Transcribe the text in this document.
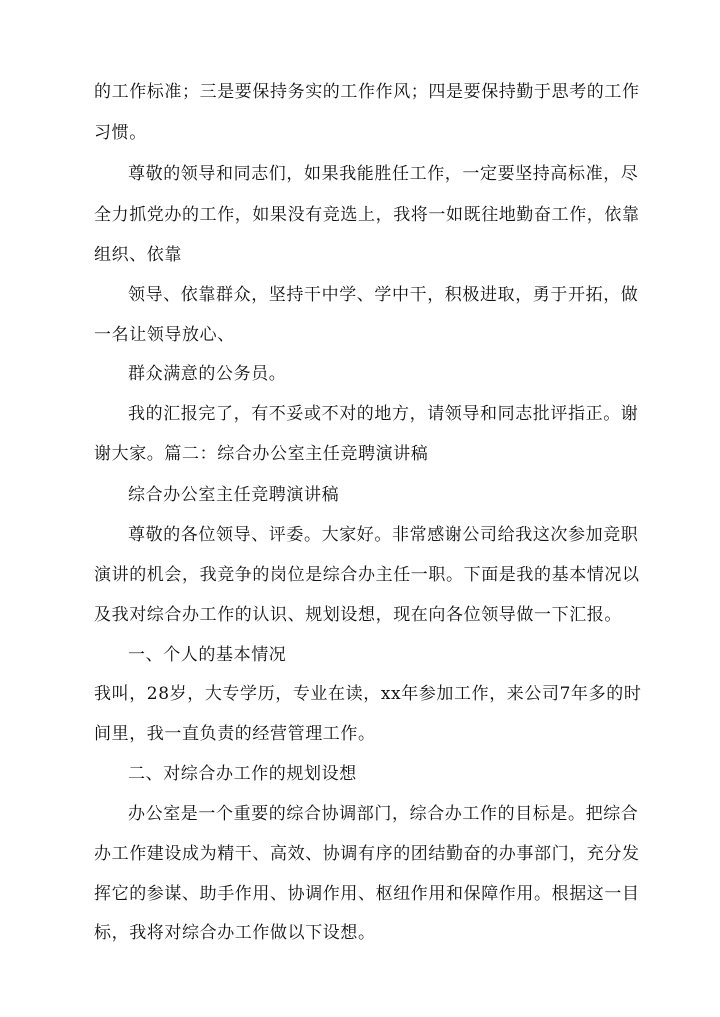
的工作标准；三是要保持务实的工作作风；四是要保持勤于思考的工作
习惯。
尊敬的领导和同志们，如果我能胜任工作，一定要坚持高标准，尽
全力抓党办的工作，如果没有竞选上，我将一如既往地勤奋工作，依靠
组织、依靠
领导、依靠群众，坚持干中学、学中干，积极进取，勇于开拓，做
一名让领导放心、
群众满意的公务员。
我的汇报完了，有不妥或不对的地方，请领导和同志批评指正。谢
谢大家。篇二：综合办公室主任竞聘演讲稿
综合办公室主任竞聘演讲稿
尊敬的各位领导、评委。大家好。非常感谢公司给我这次参加竞职
演讲的机会，我竞争的岗位是综合办主任一职。下面是我的基本情况以
及我对综合办工作的认识、规划设想，现在向各位领导做一下汇报。
一、个人的基本情况
我叫，28岁，大专学历，专业在读，xx年参加工作，来公司7年多的时
间里，我一直负责的经营管理工作。
二、对综合办工作的规划设想
办公室是一个重要的综合协调部门，综合办工作的目标是。把综合
办工作建设成为精干、高效、协调有序的团结勤奋的办事部门，充分发
挥它的参谋、助手作用、协调作用、枢纽作用和保障作用。根据这一目
标，我将对综合办工作做以下设想。
